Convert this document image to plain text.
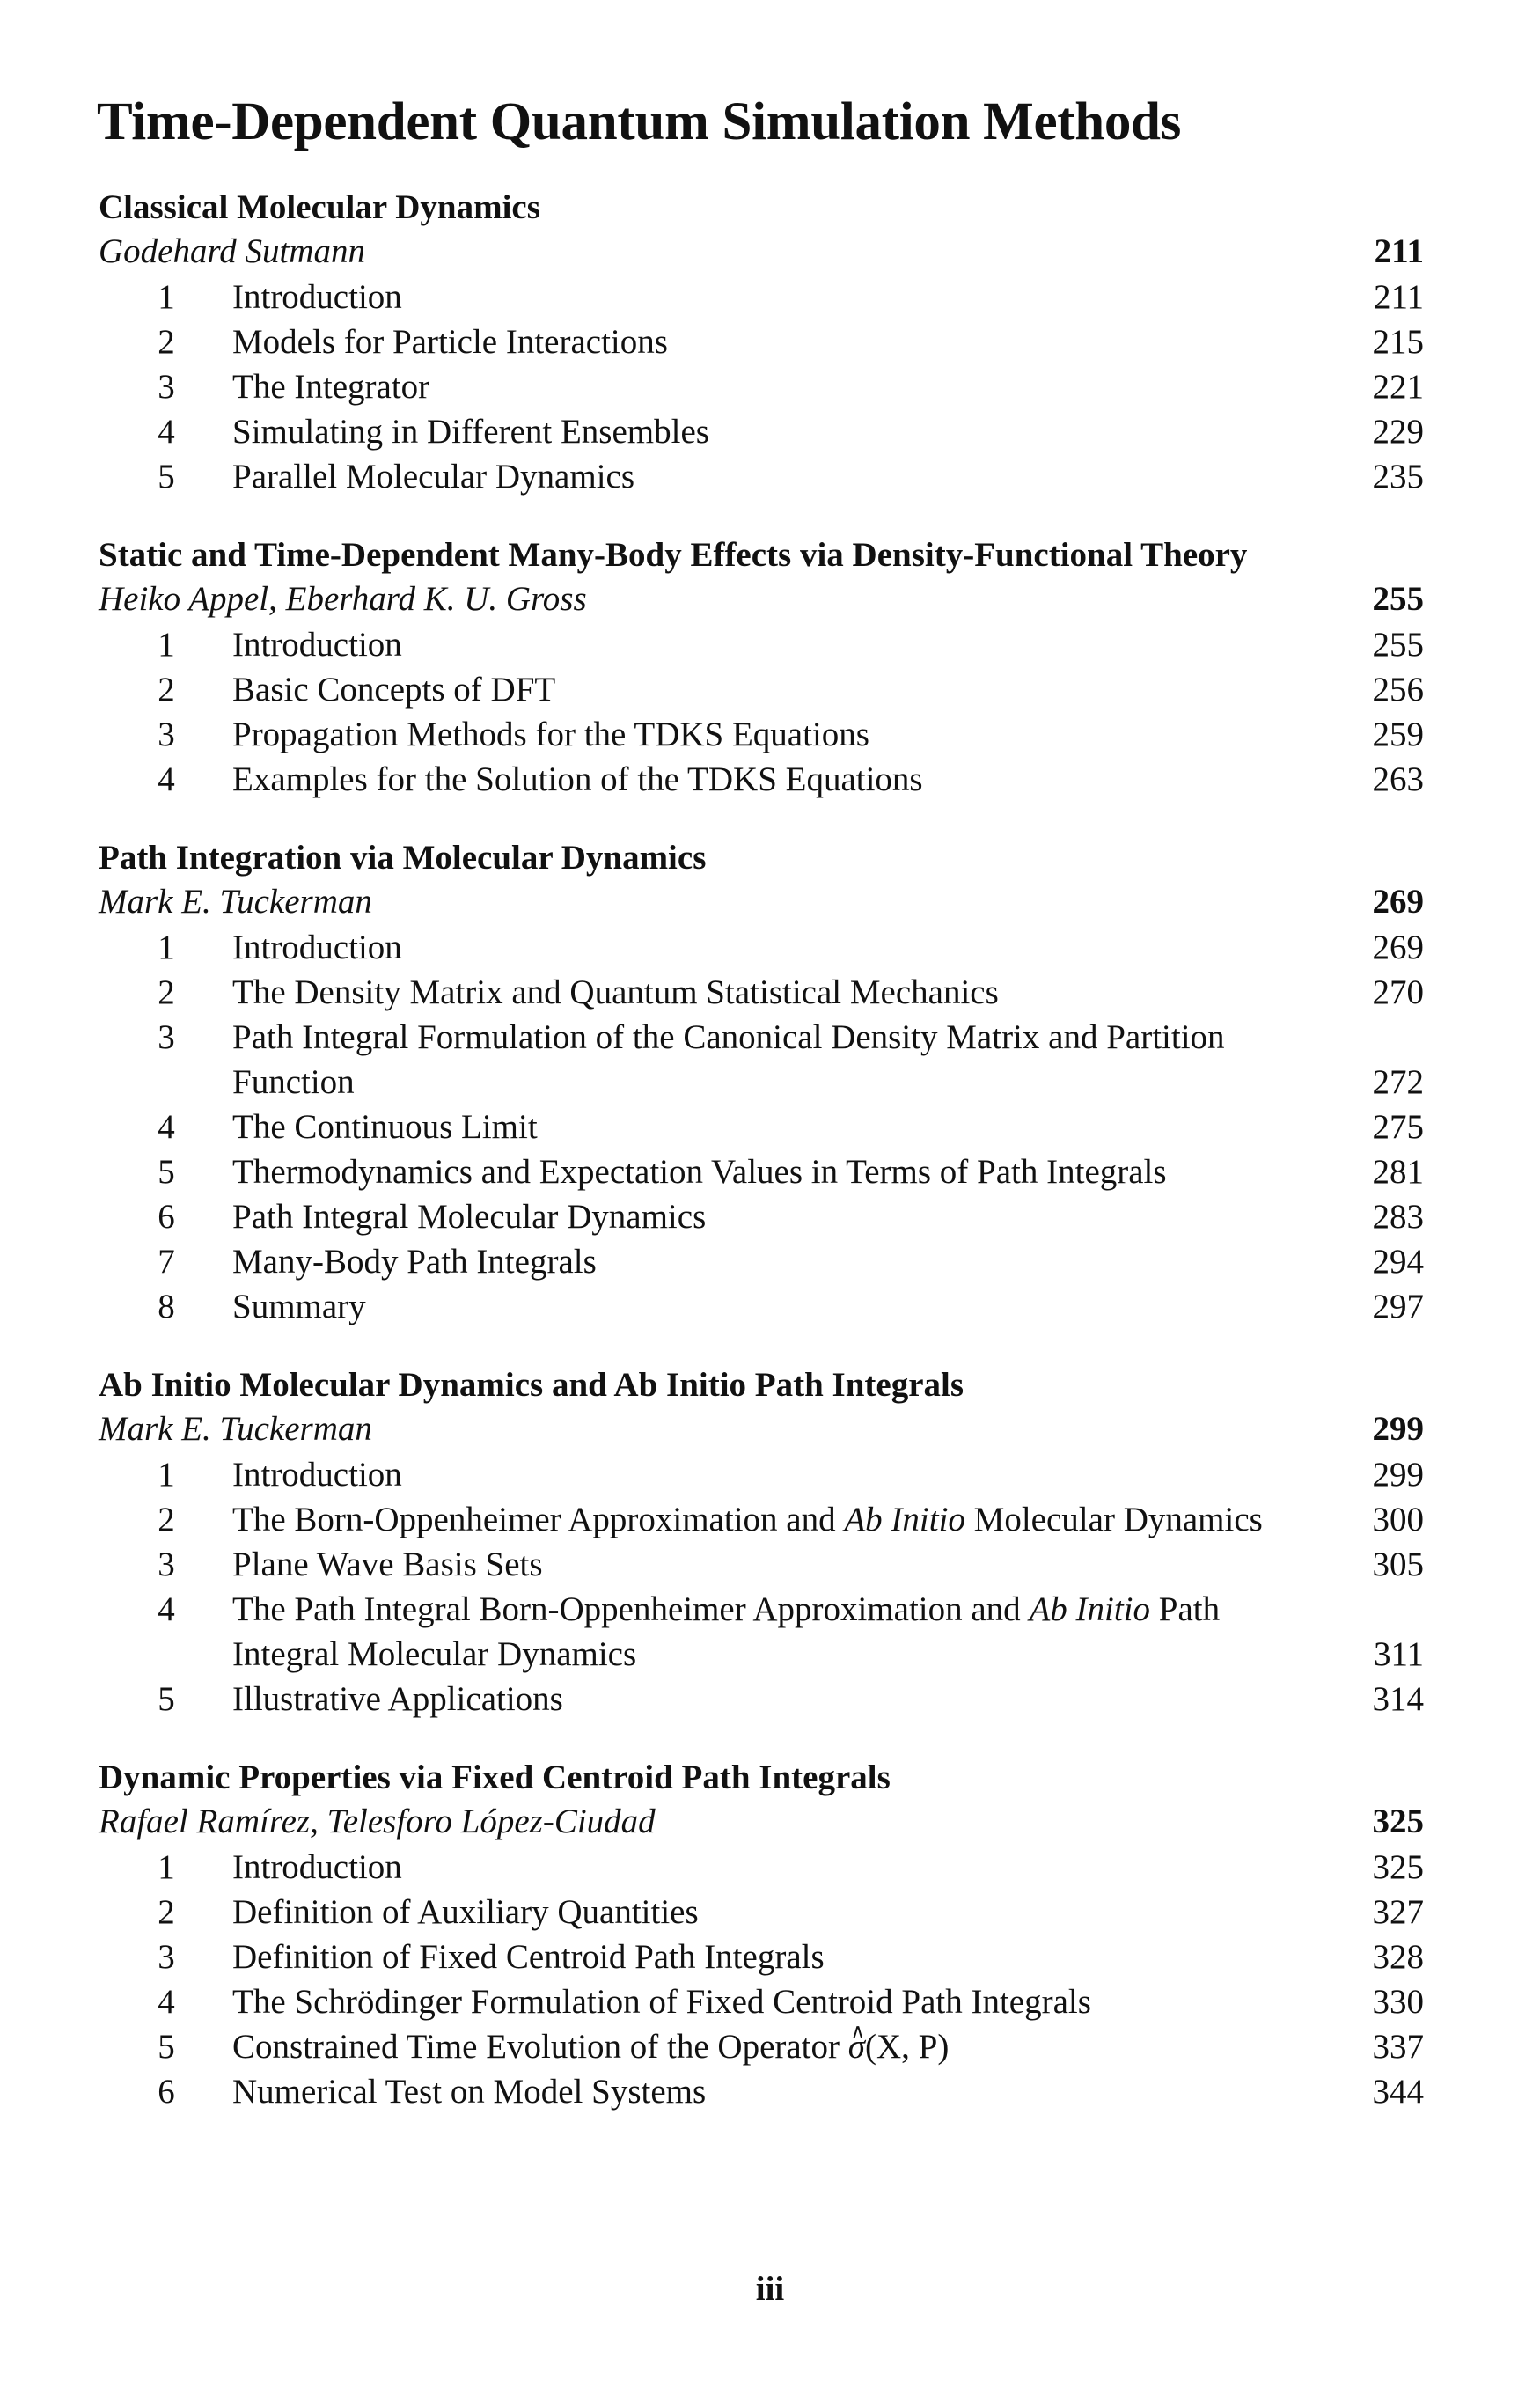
Time-Dependent Quantum Simulation Methods
Classical Molecular Dynamics
Godehard Sutmann	211
1 Introduction	211
2 Models for Particle Interactions	215
3 The Integrator	221
4 Simulating in Different Ensembles	229
5 Parallel Molecular Dynamics	235
Static and Time-Dependent Many-Body Effects via Density-Functional Theory
Heiko Appel, Eberhard K. U. Gross	255
1 Introduction	255
2 Basic Concepts of DFT	256
3 Propagation Methods for the TDKS Equations	259
4 Examples for the Solution of the TDKS Equations	263
Path Integration via Molecular Dynamics
Mark E. Tuckerman	269
1 Introduction	269
2 The Density Matrix and Quantum Statistical Mechanics	270
3 Path Integral Formulation of the Canonical Density Matrix and Partition Function	272
4 The Continuous Limit	275
5 Thermodynamics and Expectation Values in Terms of Path Integrals	281
6 Path Integral Molecular Dynamics	283
7 Many-Body Path Integrals	294
8 Summary	297
Ab Initio Molecular Dynamics and Ab Initio Path Integrals
Mark E. Tuckerman	299
1 Introduction	299
2 The Born-Oppenheimer Approximation and Ab Initio Molecular Dynamics	300
3 Plane Wave Basis Sets	305
4 The Path Integral Born-Oppenheimer Approximation and Ab Initio Path Integral Molecular Dynamics	311
5 Illustrative Applications	314
Dynamic Properties via Fixed Centroid Path Integrals
Rafael Ramírez, Telesforo López-Ciudad	325
1 Introduction	325
2 Definition of Auxiliary Quantities	327
3 Definition of Fixed Centroid Path Integrals	328
4 The Schrödinger Formulation of Fixed Centroid Path Integrals	330
5 Constrained Time Evolution of the Operator ∧ σ(X, P)	337
6 Numerical Test on Model Systems	344
iii
